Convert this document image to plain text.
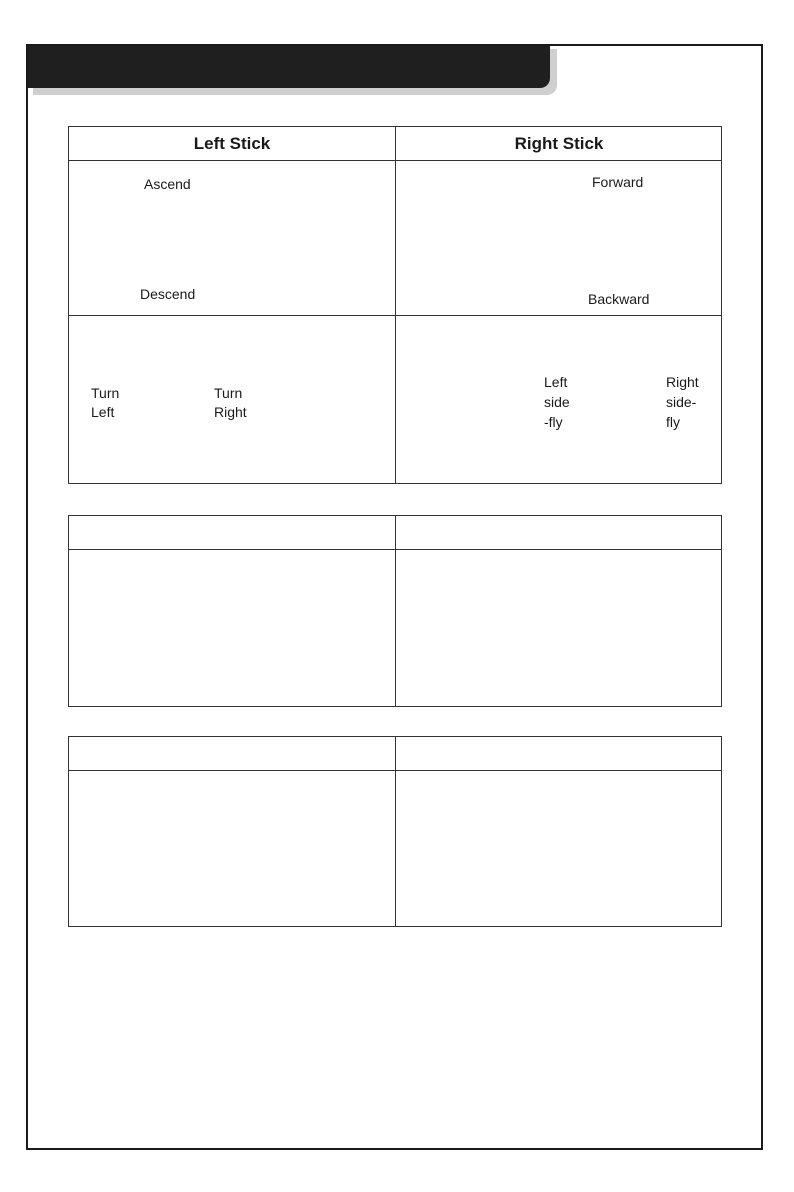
Left Stick	Right Stick
Ascend
Descend
Forward
Backward
Turn
Left
Turn
Right
Left
side
-fly
Right
side-
fly
